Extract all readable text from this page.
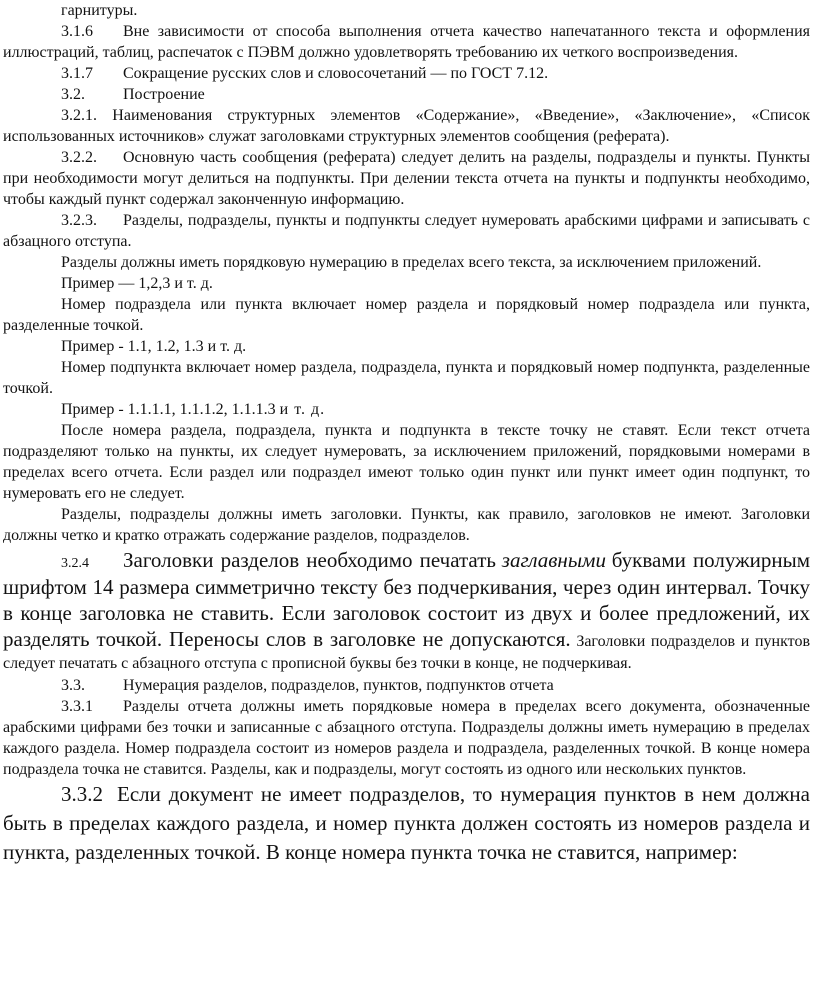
гарнитуры.

3.1.6 Вне зависимости от способа выполнения отчета качество напечатанного текста и оформления иллюстраций, таблиц, распечаток с ПЭВМ должно удовлетворять требованию их четкого воспроизведения.

3.1.7 Сокращение русских слов и словосочетаний — по ГОСТ 7.12.

3.2. Построение

3.2.1. Наименования структурных элементов «Содержание», «Введение», «Заключение», «Список использованных источников» служат заголовками структурных элементов сообщения (реферата).

3.2.2. Основную часть сообщения (реферата) следует делить на разделы, подразделы и пункты. Пункты при необходимости могут делиться на подпункты. При делении текста отчета на пункты и подпункты необходимо, чтобы каждый пункт содержал законченную информацию.

3.2.3. Разделы, подразделы, пункты и подпункты следует нумеровать арабскими цифрами и записывать с абзацного отступа.

Разделы должны иметь порядковую нумерацию в пределах всего текста, за исключением приложений.

Пример — 1,2,3 и т. д.

Номер подраздела или пункта включает номер раздела и порядковый номер подраздела или пункта, разделенные точкой.

Пример - 1.1, 1.2, 1.3 и т. д.

Номер подпункта включает номер раздела, подраздела, пункта и порядковый номер подпункта, разделенные точкой.

Пример - 1.1.1.1, 1.1.1.2, 1.1.1.3 и т. д.

После номера раздела, подраздела, пункта и подпункта в тексте точку не ставят. Если текст отчета подразделяют только на пункты, их следует нумеровать, за исключением приложений, порядковыми номерами в пределах всего отчета. Если раздел или подраздел имеют только один пункт или пункт имеет один подпункт, то нумеровать его не следует.

Разделы, подразделы должны иметь заголовки. Пункты, как правило, заголовков не имеют. Заголовки должны четко и кратко отражать содержание разделов, подразделов.

3.2.4 Заголовки разделов необходимо печатать заглавными буквами полужирным шрифтом 14 размера симметрично тексту без подчеркивания, через один интервал. Точку в конце заголовка не ставить. Если заголовок состоит из двух и более предложений, их разделять точкой. Переносы слов в заголовке не допускаются. Заголовки подразделов и пунктов следует печатать с абзацного отступа с прописной буквы без точки в конце, не подчеркивая.

3.3. Нумерация разделов, подразделов, пунктов, подпунктов отчета

3.3.1 Разделы отчета должны иметь порядковые номера в пределах всего документа, обозначенные арабскими цифрами без точки и записанные с абзацного отступа. Подразделы должны иметь нумерацию в пределах каждого раздела. Номер подраздела состоит из номеров раздела и подраздела, разделенных точкой. В конце номера подраздела точка не ставится. Разделы, как и подразделы, могут состоять из одного или нескольких пунктов.

3.3.2 Если документ не имеет подразделов, то нумерация пунктов в нем должна быть в пределах каждого раздела, и номер пункта должен состоять из номеров раздела и пункта, разделенных точкой. В конце номера пункта точка не ставится, например:
